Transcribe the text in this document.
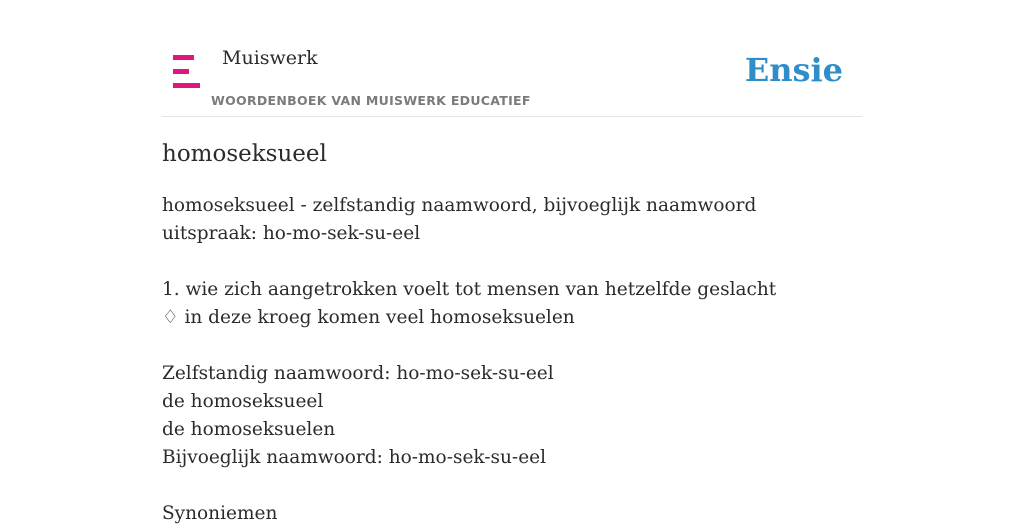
Muiswerk
WOORDENBOEK VAN MUISWERK EDUCATIEF
Ensie
homoseksueel
homoseksueel - zelfstandig naamwoord, bijvoeglijk naamwoord
uitspraak: ho-mo-sek-su-eel
1. wie zich aangetrokken voelt tot mensen van hetzelfde geslacht
♢ in deze kroeg komen veel homoseksuelen
Zelfstandig naamwoord: ho-mo-sek-su-eel
de homoseksueel
de homoseksuelen
Bijvoeglijk naamwoord: ho-mo-sek-su-eel
Synoniemen
